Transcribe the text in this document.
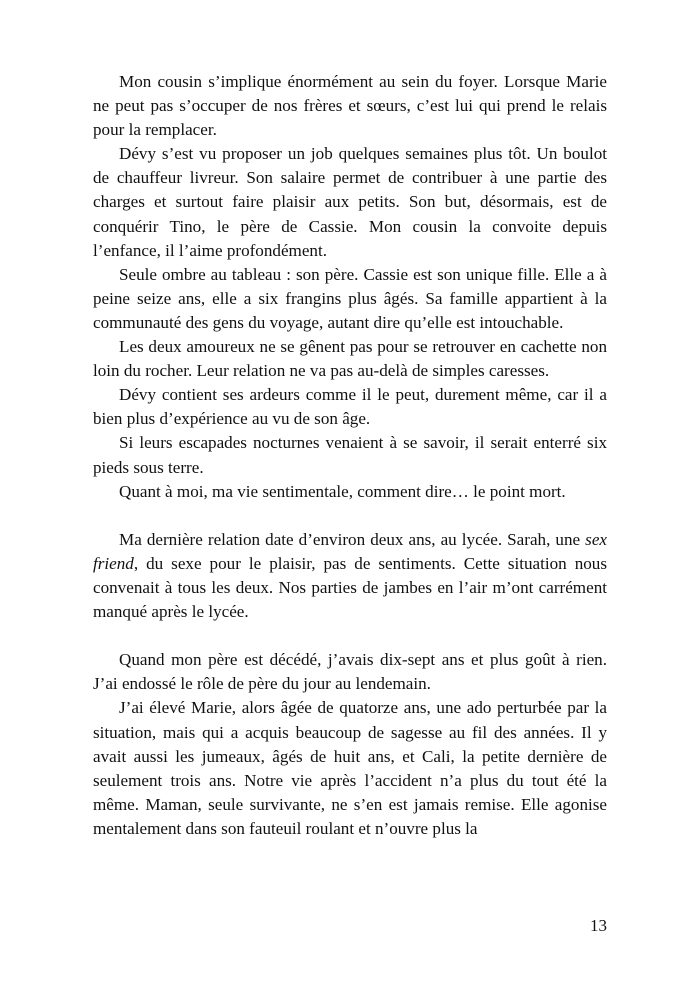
Mon cousin s’implique énormément au sein du foyer. Lorsque Marie ne peut pas s’occuper de nos frères et sœurs, c’est lui qui prend le relais pour la remplacer.

Dévy s’est vu proposer un job quelques semaines plus tôt. Un boulot de chauffeur livreur. Son salaire permet de contribuer à une partie des charges et surtout faire plaisir aux petits. Son but, désormais, est de conquérir Tino, le père de Cassie. Mon cousin la convoite depuis l’enfance, il l’aime profondément.

Seule ombre au tableau : son père. Cassie est son unique fille. Elle a à peine seize ans, elle a six frangins plus âgés. Sa famille appartient à la communauté des gens du voyage, autant dire qu’elle est intouchable.

Les deux amoureux ne se gênent pas pour se retrouver en cachette non loin du rocher. Leur relation ne va pas au-delà de simples caresses.

Dévy contient ses ardeurs comme il le peut, durement même, car il a bien plus d’expérience au vu de son âge.

Si leurs escapades nocturnes venaient à se savoir, il serait enterré six pieds sous terre.

Quant à moi, ma vie sentimentale, comment dire… le point mort.

Ma dernière relation date d’environ deux ans, au lycée. Sarah, une sex friend, du sexe pour le plaisir, pas de sentiments. Cette situation nous convenait à tous les deux. Nos parties de jambes en l’air m’ont carrément manqué après le lycée.

Quand mon père est décédé, j’avais dix-sept ans et plus goût à rien. J’ai endossé le rôle de père du jour au lendemain.

J’ai élevé Marie, alors âgée de quatorze ans, une ado perturbée par la situation, mais qui a acquis beaucoup de sagesse au fil des années. Il y avait aussi les jumeaux, âgés de huit ans, et Cali, la petite dernière de seulement trois ans. Notre vie après l’accident n’a plus du tout été la même. Maman, seule survivante, ne s’en est jamais remise. Elle agonise mentalement dans son fauteuil roulant et n’ouvre plus la

13
